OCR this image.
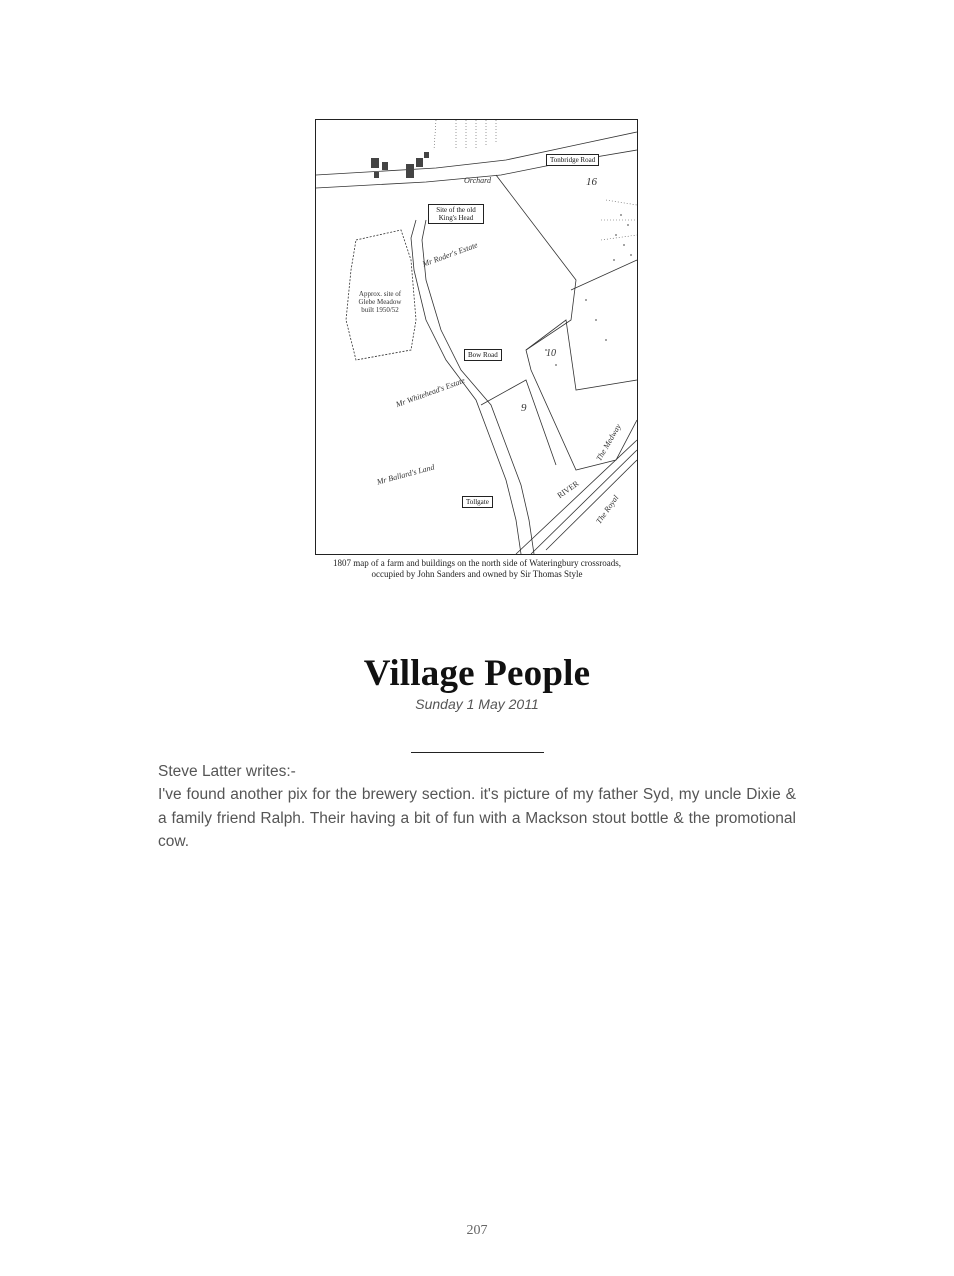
Tonbridge Road
Site of the old King's Head
Bow Road
Tollgate
Approx. site of Glebe Meadow built 1950/52
Orchard	16
9
10
Mr Roder's Estate
Mr Whitehead's Estate
Mr Ballard's Land
RIVER
The Royal
The Medway
1807 map of a farm and buildings on the north side of Wateringbury crossroads,
occupied by John Sanders and owned by Sir Thomas Style
Village People
Sunday 1 May 2011

Steve Latter writes:-

I've found another pix for the brewery section. it's picture of my father Syd, my uncle Dixie & a family friend Ralph. Their having a bit of fun with a Mackson stout bottle & the promotional cow.

207
